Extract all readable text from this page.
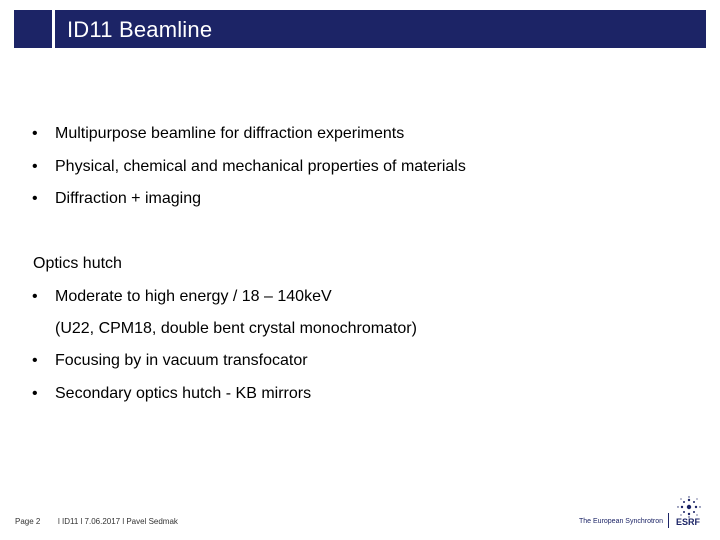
ID11 Beamline
• Multipurpose beamline for diffraction experiments
• Physical, chemical and mechanical properties of materials
• Diffraction + imaging
Optics hutch
• Moderate to high energy / 18 – 140keV
(U22, CPM18, double bent crystal monochromator)
• Focusing by in vacuum transfocator
• Secondary optics hutch - KB mirrors
Page 2 l ID11 l 7.06.2017 l Pavel Sedmak	The European Synchrotron ESRF
